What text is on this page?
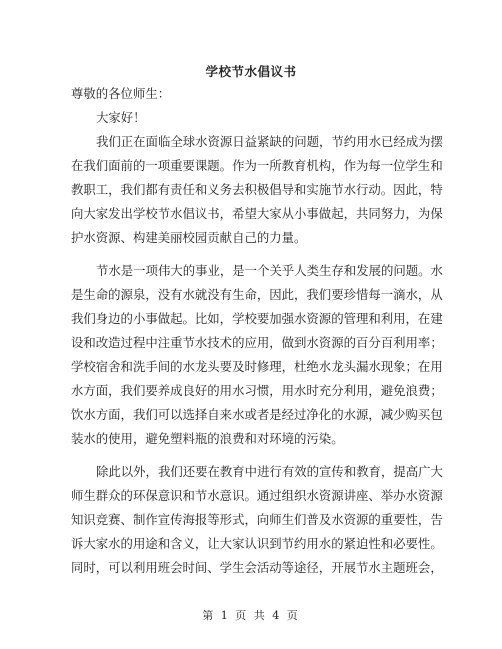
学校节水倡议书
尊敬的各位师生：
大家好！
我们正在面临全球水资源日益紧缺的问题，节约用水已经成为摆
在我们面前的一项重要课题。作为一所教育机构，作为每一位学生和
教职工，我们都有责任和义务去积极倡导和实施节水行动。因此，特
向大家发出学校节水倡议书，希望大家从小事做起，共同努力，为保
护水资源、构建美丽校园贡献自己的力量。
节水是一项伟大的事业，是一个关乎人类生存和发展的问题。水
是生命的源泉，没有水就没有生命，因此，我们要珍惜每一滴水，从
我们身边的小事做起。比如，学校要加强水资源的管理和利用，在建
设和改造过程中注重节水技术的应用，做到水资源的百分百利用率；
学校宿舍和洗手间的水龙头要及时修理，杜绝水龙头漏水现象；在用
水方面，我们要养成良好的用水习惯，用水时充分利用，避免浪费；
饮水方面，我们可以选择自来水或者是经过净化的水源，减少购买包
装水的使用，避免塑料瓶的浪费和对环境的污染。
除此以外，我们还要在教育中进行有效的宣传和教育，提高广大
师生群众的环保意识和节水意识。通过组织水资源讲座、举办水资源
知识竞赛、制作宣传海报等形式，向师生们普及水资源的重要性，告
诉大家水的用途和含义，让大家认识到节约用水的紧迫性和必要性。
同时，可以利用班会时间、学生会活动等途径，开展节水主题班会，
第 1 页 共 4 页
